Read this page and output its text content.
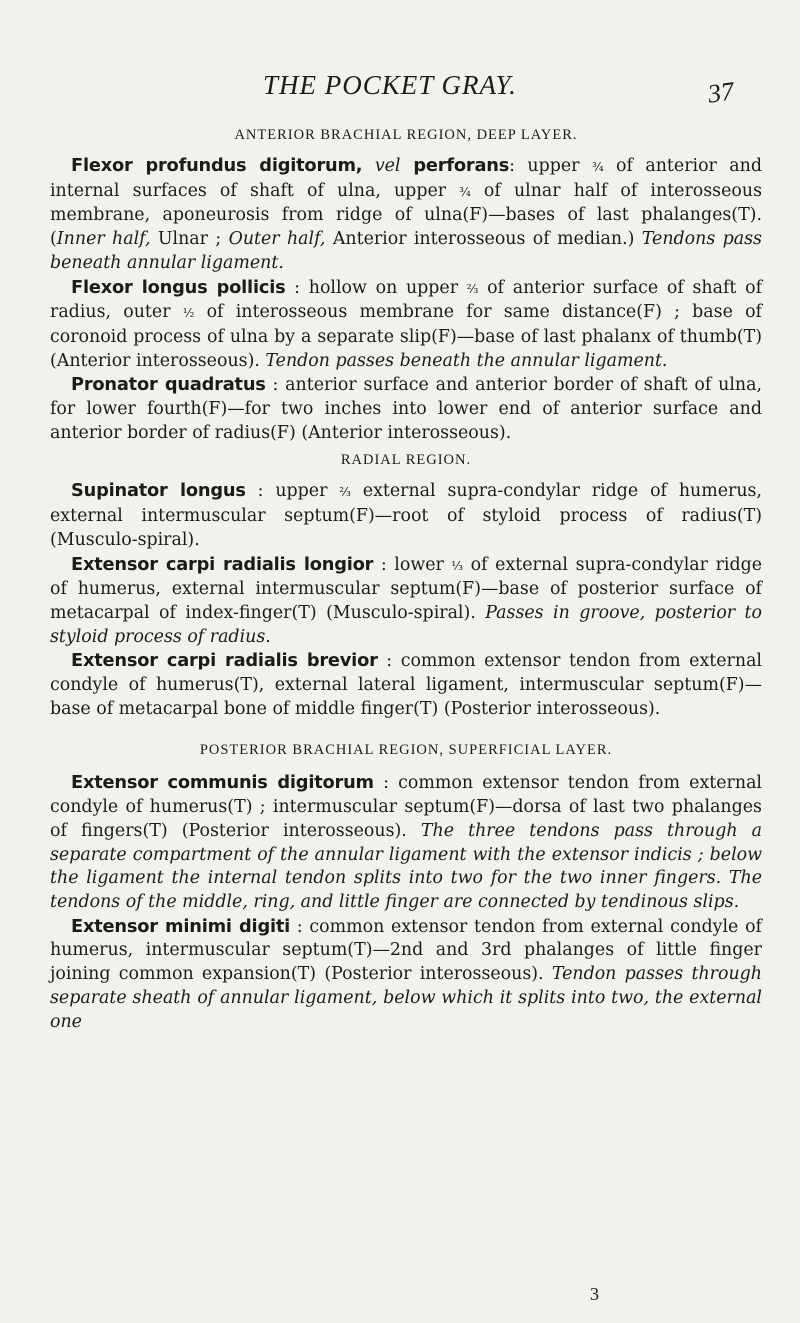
THE POCKET GRAY.	37

ANTERIOR BRACHIAL REGION, DEEP LAYER.

Flexor profundus digitorum, vel perforans: upper ¾ of anterior and internal surfaces of shaft of ulna, upper ¾ of ulnar half of interosseous membrane, aponeurosis from ridge of ulna(F)—bases of last phalanges(T). (Inner half, Ulnar ; Outer half, Anterior interosseous of median.) Tendons pass beneath annular ligament.

Flexor longus pollicis : hollow on upper ⅔ of anterior surface of shaft of radius, outer ½ of interosseous membrane for same distance(F) ; base of coronoid process of ulna by a separate slip(F)—base of last phalanx of thumb(T) (Anterior interosseous). Tendon passes beneath the annular ligament.

Pronator quadratus : anterior surface and anterior border of shaft of ulna, for lower fourth(F)—for two inches into lower end of anterior surface and anterior border of radius(F) (Anterior interosseous).

RADIAL REGION.

Supinator longus : upper ⅔ external supra-condylar ridge of humerus, external intermuscular septum(F)—root of styloid process of radius(T) (Musculo-spiral).

Extensor carpi radialis longior : lower ⅓ of external supra-condylar ridge of humerus, external intermuscular septum(F)—base of posterior surface of metacarpal of index-finger(T) (Musculo-spiral). Passes in groove, posterior to styloid process of radius.

Extensor carpi radialis brevior : common extensor tendon from external condyle of humerus(T), external lateral ligament, intermuscular septum(F)—base of metacarpal bone of middle finger(T) (Posterior interosseous).

POSTERIOR BRACHIAL REGION, SUPERFICIAL LAYER.

Extensor communis digitorum : common extensor tendon from external condyle of humerus(T) ; intermuscular septum(F)—dorsa of last two phalanges of fingers(T) (Posterior interosseous). The three tendons pass through a separate compartment of the annular ligament with the extensor indicis ; below the ligament the internal tendon splits into two for the two inner fingers. The tendons of the middle, ring, and little finger are connected by tendinous slips.

Extensor minimi digiti : common extensor tendon from external condyle of humerus, intermuscular septum(T)—2nd and 3rd phalanges of little finger joining common expansion(T) (Posterior interosseous). Tendon passes through separate sheath of annular ligament, below which it splits into two, the external one

3
